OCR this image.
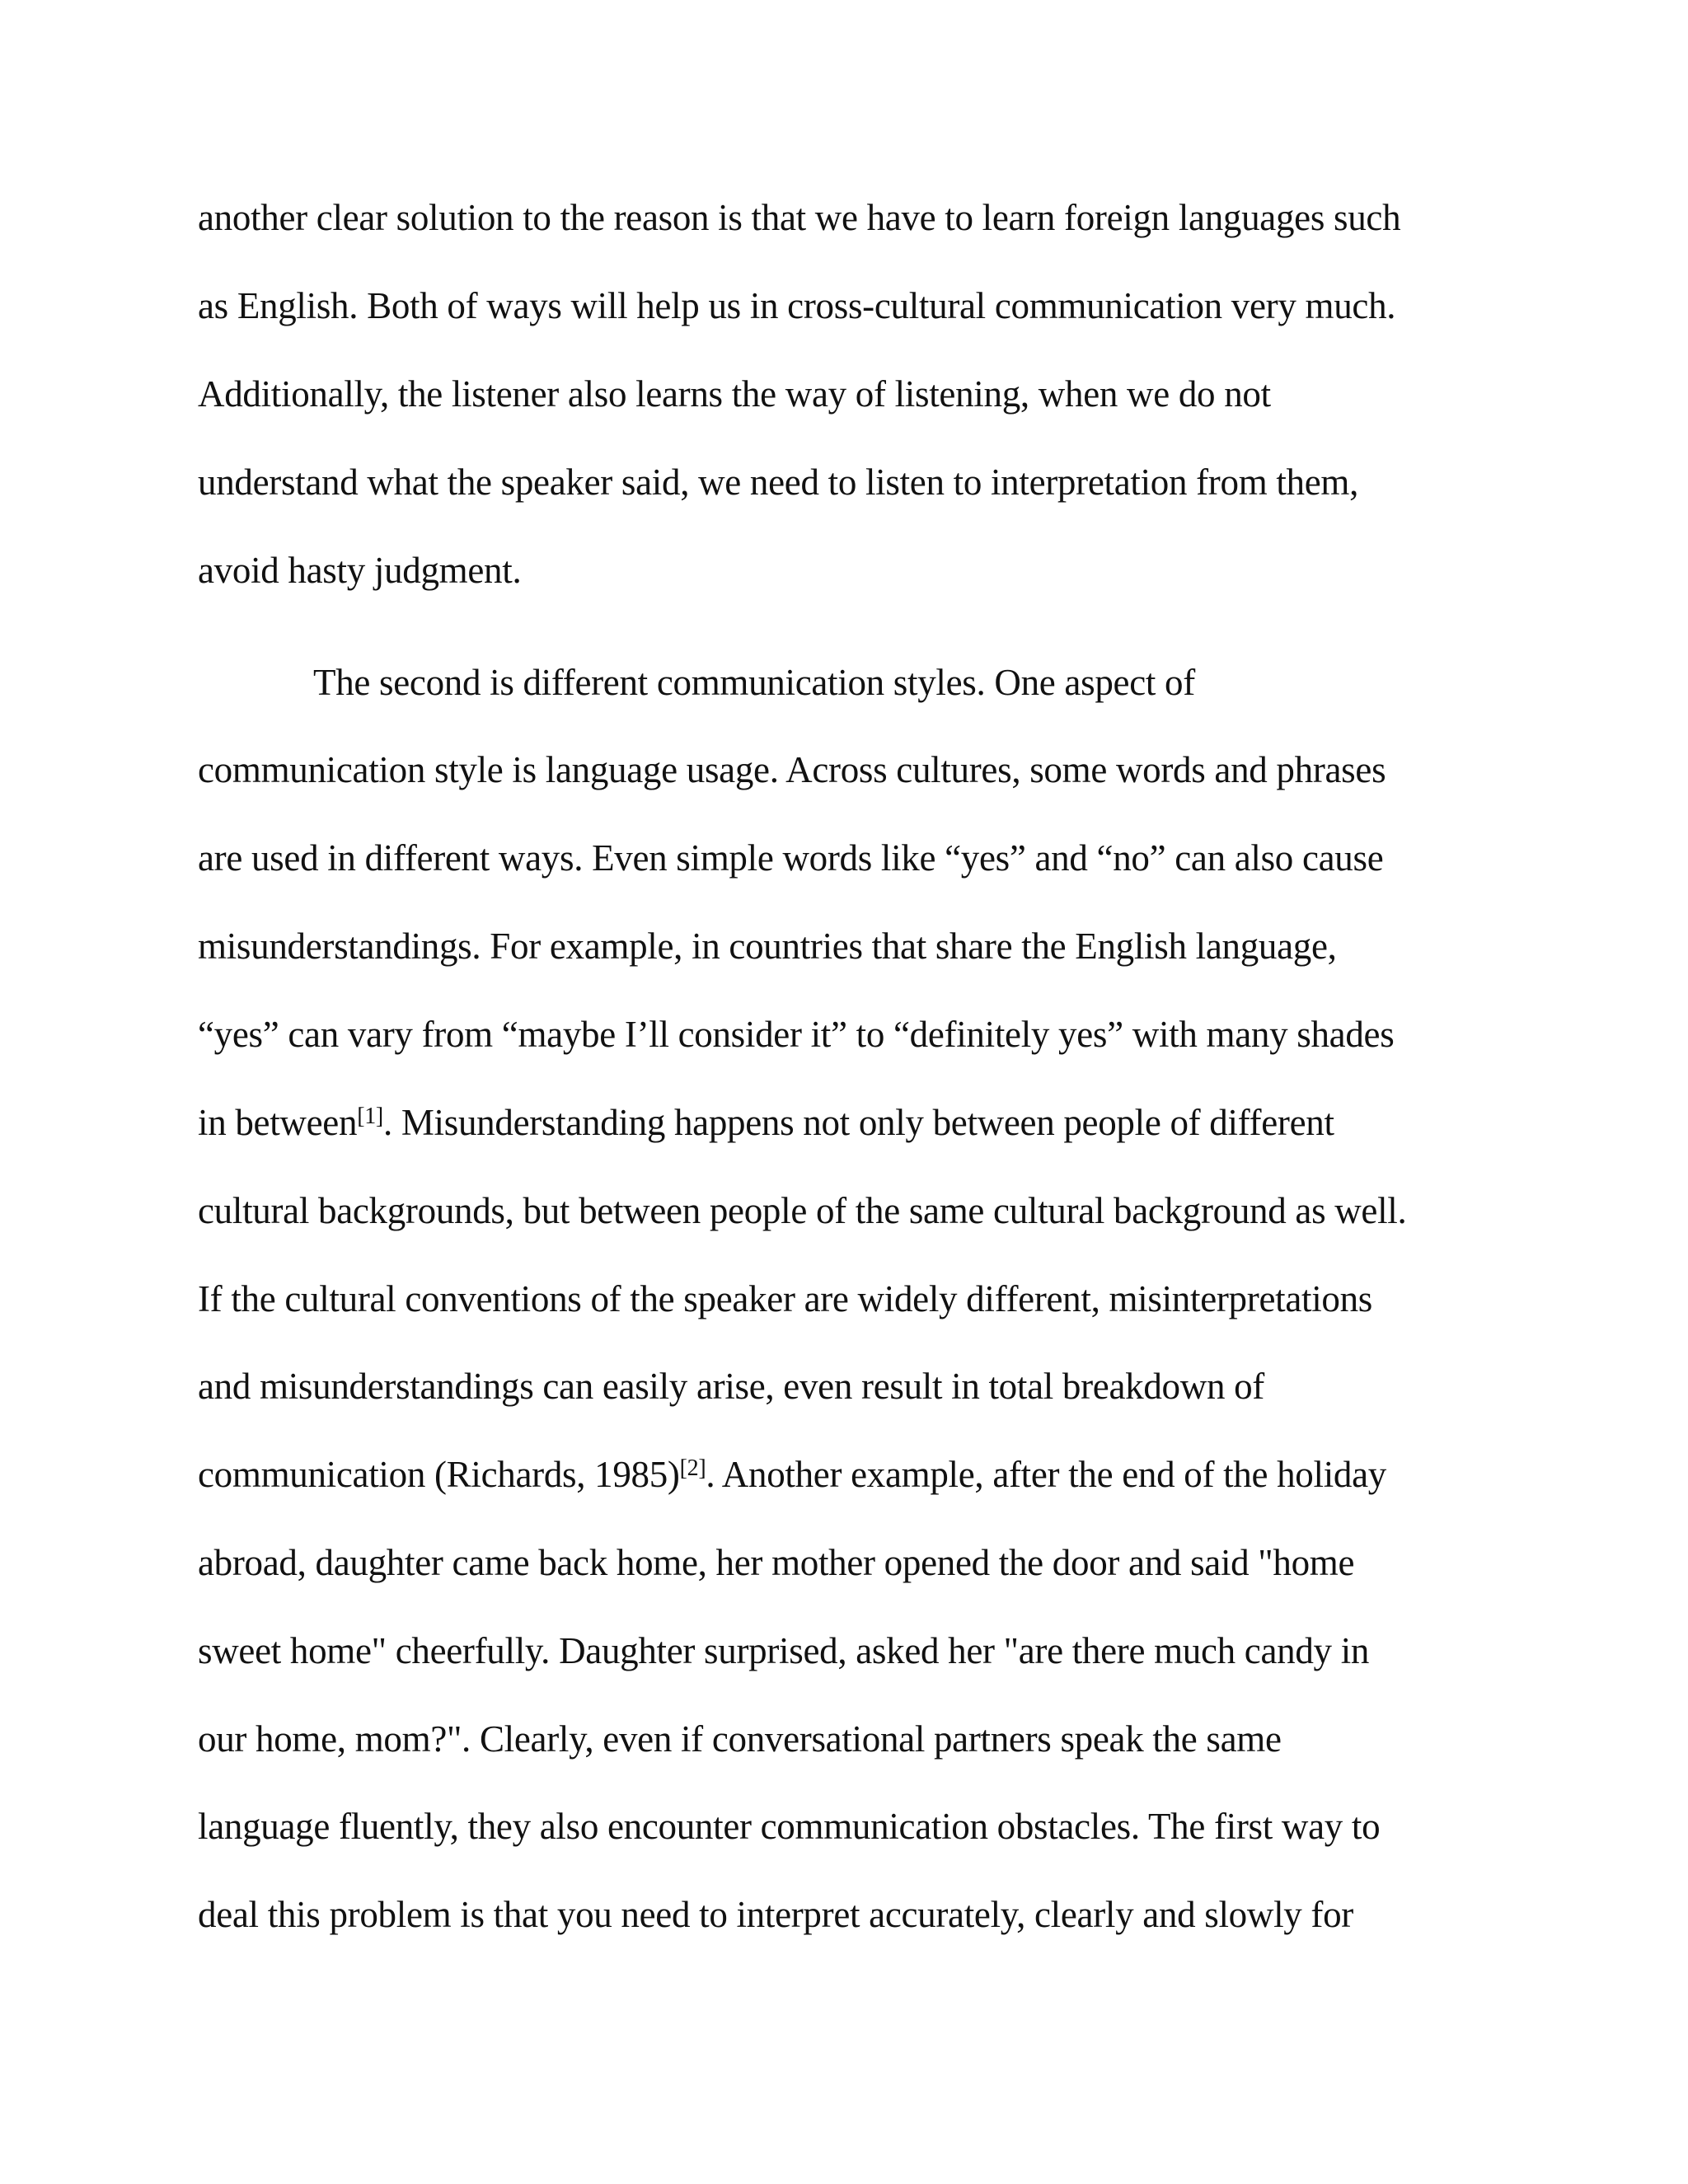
another clear solution to the reason is that we have to learn foreign languages such
as English. Both of ways will help us in cross-cultural communication very much.
Additionally, the listener also learns the way of listening, when we do not
understand what the speaker said, we need to listen to interpretation from them,
avoid hasty judgment.
The second is different communication styles. One aspect of
communication style is language usage. Across cultures, some words and phrases
are used in different ways. Even simple words like “yes” and “no” can also cause
misunderstandings. For example, in countries that share the English language,
“yes” can vary from “maybe I’ll consider it” to “definitely yes” with many shades
in between[1]. Misunderstanding happens not only between people of different
cultural backgrounds, but between people of the same cultural background as well.
If the cultural conventions of the speaker are widely different, misinterpretations
and misunderstandings can easily arise, even result in total breakdown of
communication (Richards, 1985)[2]. Another example, after the end of the holiday
abroad, daughter came back home, her mother opened the door and said "home
sweet home" cheerfully. Daughter surprised, asked her "are there much candy in
our home, mom?". Clearly, even if conversational partners speak the same
language fluently, they also encounter communication obstacles. The first way to
deal this problem is that you need to interpret accurately, clearly and slowly for
